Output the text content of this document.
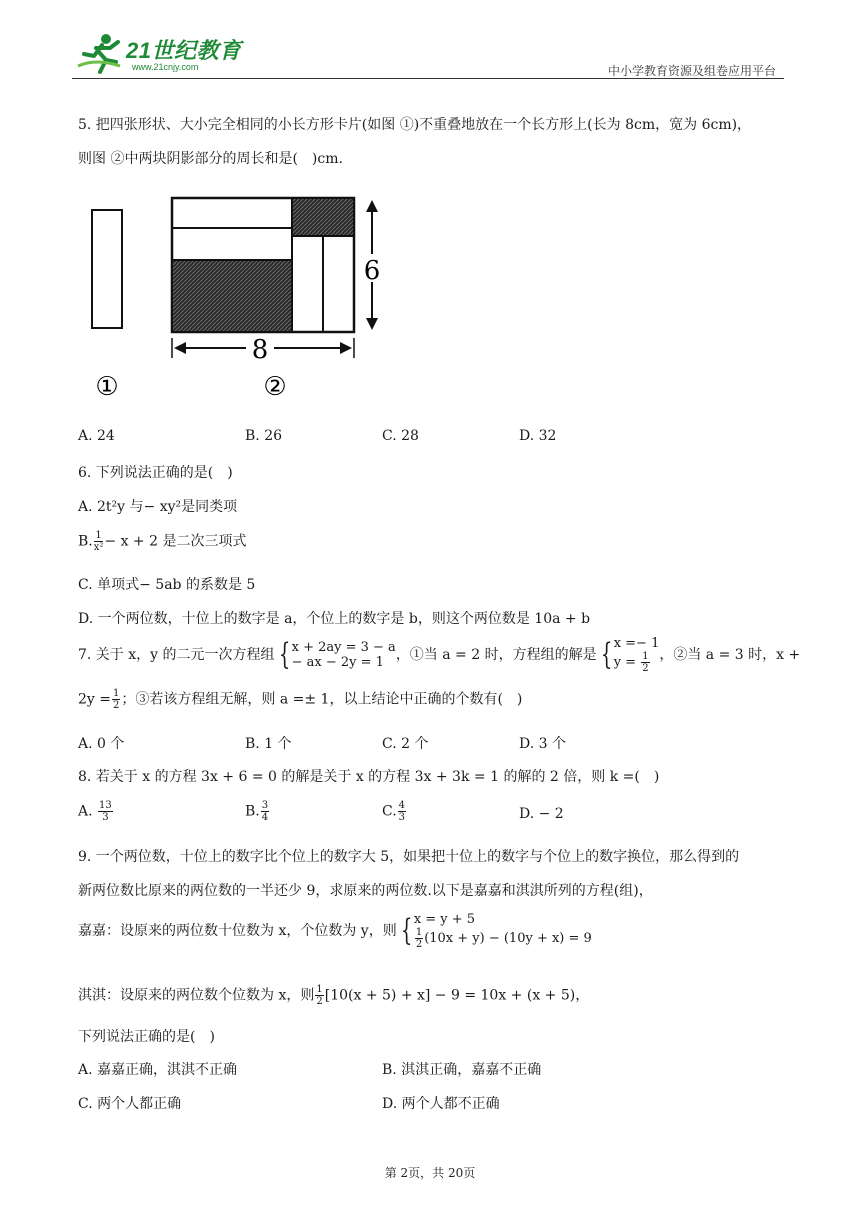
21世纪教育
www.21cnjy.com	中小学教育资源及组卷应用平台
5. 把四张形状、大小完全相同的小长方形卡片(如图 ①)不重叠地放在一个长方形上(长为 8cm，宽为 6cm)，
则图 ②中两块阴影部分的周长和是(　)cm.
6
8
①	②
A. 24	B. 26	C. 28	D. 32
6. 下列说法正确的是(　)
A. 2t²y 与− xy²是同类项
B. $\frac{1}{\text{x²}} - x + 2$ 是二次三项式
C. 单项式− 5ab 的系数是 5
D. 一个两位数，十位上的数字是 a，个位上的数字是 b，则这个两位数是 10a + b
7. 关于 x，y 的二元一次方程组 { x + 2ay = 3 − a
− ax − 2y = 1 ，①当 a = 2 时，方程组的解是 { x =− 1
$y = \frac{1}{2}$ ，②当 a = 3 时，x +
$2y = \frac{1}{2}$ ；③若该方程组无解，则 a =± 1，以上结论中正确的个数有(　)
A. 0 个	B. 1 个	C. 2 个	D. 3 个
8. 若关于 x 的方程 3x + 6 = 0 的解是关于 x 的方程 3x + 3k = 1 的解的 2 倍，则 k =(　)
A. $\frac{13}{3}$	B. $\frac{3}{4}$	C. $\frac{4}{3}$	D. − 2
9. 一个两位数，十位上的数字比个位上的数字大 5，如果把十位上的数字与个位上的数字换位，那么得到的
新两位数比原来的两位数的一半还少 9，求原来的两位数.以下是嘉嘉和淇淇所列的方程(组)，
嘉嘉：设原来的两位数十位数为 x，个位数为 y，则 { x = y + 5
$\frac{1}{2} (10x + y) - (10y + x) = 9$
淇淇：设原来的两位数个位数为 x，则 $\frac{1}{2} [10(x + 5) + x] - 9 = 10x + (x + 5)$，
下列说法正确的是(　)
A. 嘉嘉正确，淇淇不正确	B. 淇淇正确，嘉嘉不正确
C. 两个人都正确	D. 两个人都不正确
第 2页，共 20页
